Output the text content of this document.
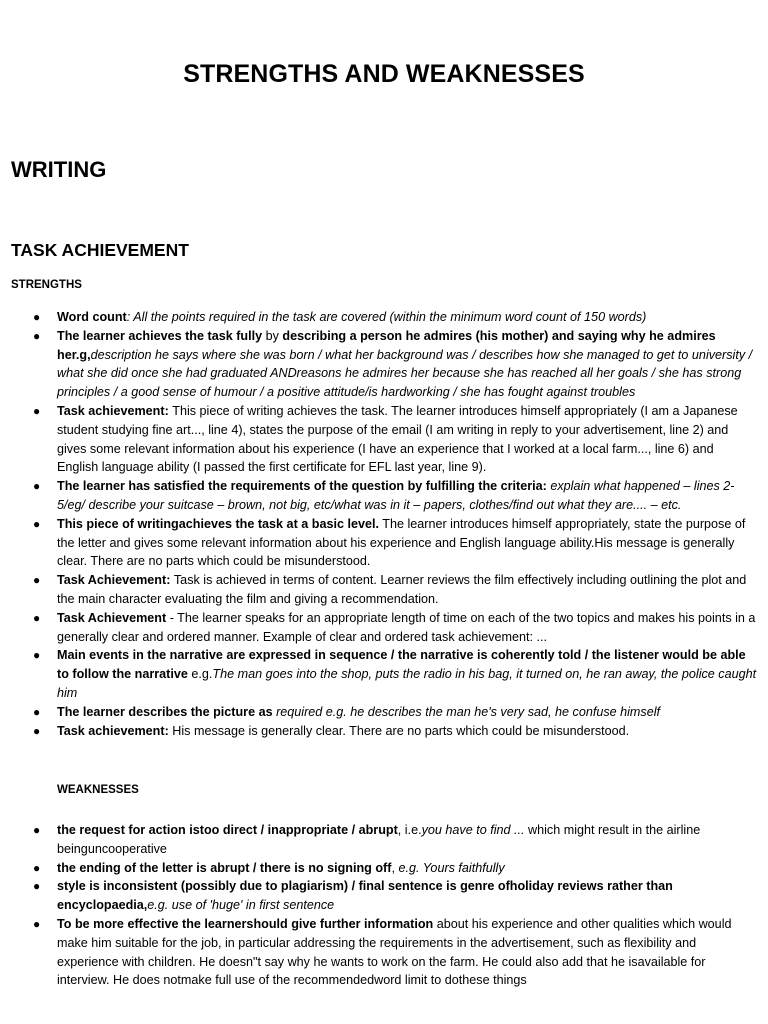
STRENGTHS AND WEAKNESSES
WRITING
TASK ACHIEVEMENT
STRENGTHS
● Word count: All the points required in the task are covered (within the minimum word count of 150 words)
● The learner achieves the task fully by describing a person he admires (his mother) and saying why he admires her.g,description he says where she was born / what her background was / describes how she managed to get to university / what she did once she had graduated ANDreasons he admires her because she has reached all her goals / she has strong principles / a good sense of humour / a positive attitude/is hardworking / she has fought against troubles
● Task achievement: This piece of writing achieves the task. The learner introduces himself appropriately (I am a Japanese student studying fine art..., line 4), states the purpose of the email (I am writing in reply to your advertisement, line 2) and gives some relevant information about his experience (I have an experience that I worked at a local farm..., line 6) and English language ability (I passed the first certificate for EFL last year, line 9).
● The learner has satisfied the requirements of the question by fulfilling the criteria: explain what happened – lines 2-5/eg/ describe your suitcase – brown, not big, etc/what was in it – papers, clothes/find out what they are.... – etc.
● This piece of writingachieves the task at a basic level. The learner introduces himself appropriately, state the purpose of the letter and gives some relevant information about his experience and English language ability.His message is generally clear. There are no parts which could be misunderstood.
● Task Achievement: Task is achieved in terms of content. Learner reviews the film effectively including outlining the plot and the main character evaluating the film and giving a recommendation.
● Task Achievement - The learner speaks for an appropriate length of time on each of the two topics and makes his points in a generally clear and ordered manner. Example of clear and ordered task achievement: ...
● Main events in the narrative are expressed in sequence / the narrative is coherently told / the listener would be able to follow the narrative e.g.The man goes into the shop, puts the radio in his bag, it turned on, he ran away, the police caught him
● The learner describes the picture as required e.g. he describes the man he's very sad, he confuse himself
● Task achievement: His message is generally clear. There are no parts which could be misunderstood.
WEAKNESSES
● the request for action istoo direct / inappropriate / abrupt, i.e.you have to find ... which might result in the airline beinguncooperative
● the ending of the letter is abrupt / there is no signing off, e.g. Yours faithfully
● style is inconsistent (possibly due to plagiarism) / final sentence is genre ofholiday reviews rather than encyclopaedia,e.g. use of 'huge' in first sentence
● To be more effective the learnershould give further information about his experience and other qualities which would make him suitable for the job, in particular addressing the requirements in the advertisement, such as flexibility and experience with children. He doesn"t say why he wants to work on the farm. He could also add that he isavailable for interview. He does notmake full use of the recommendedword limit to dothese things
